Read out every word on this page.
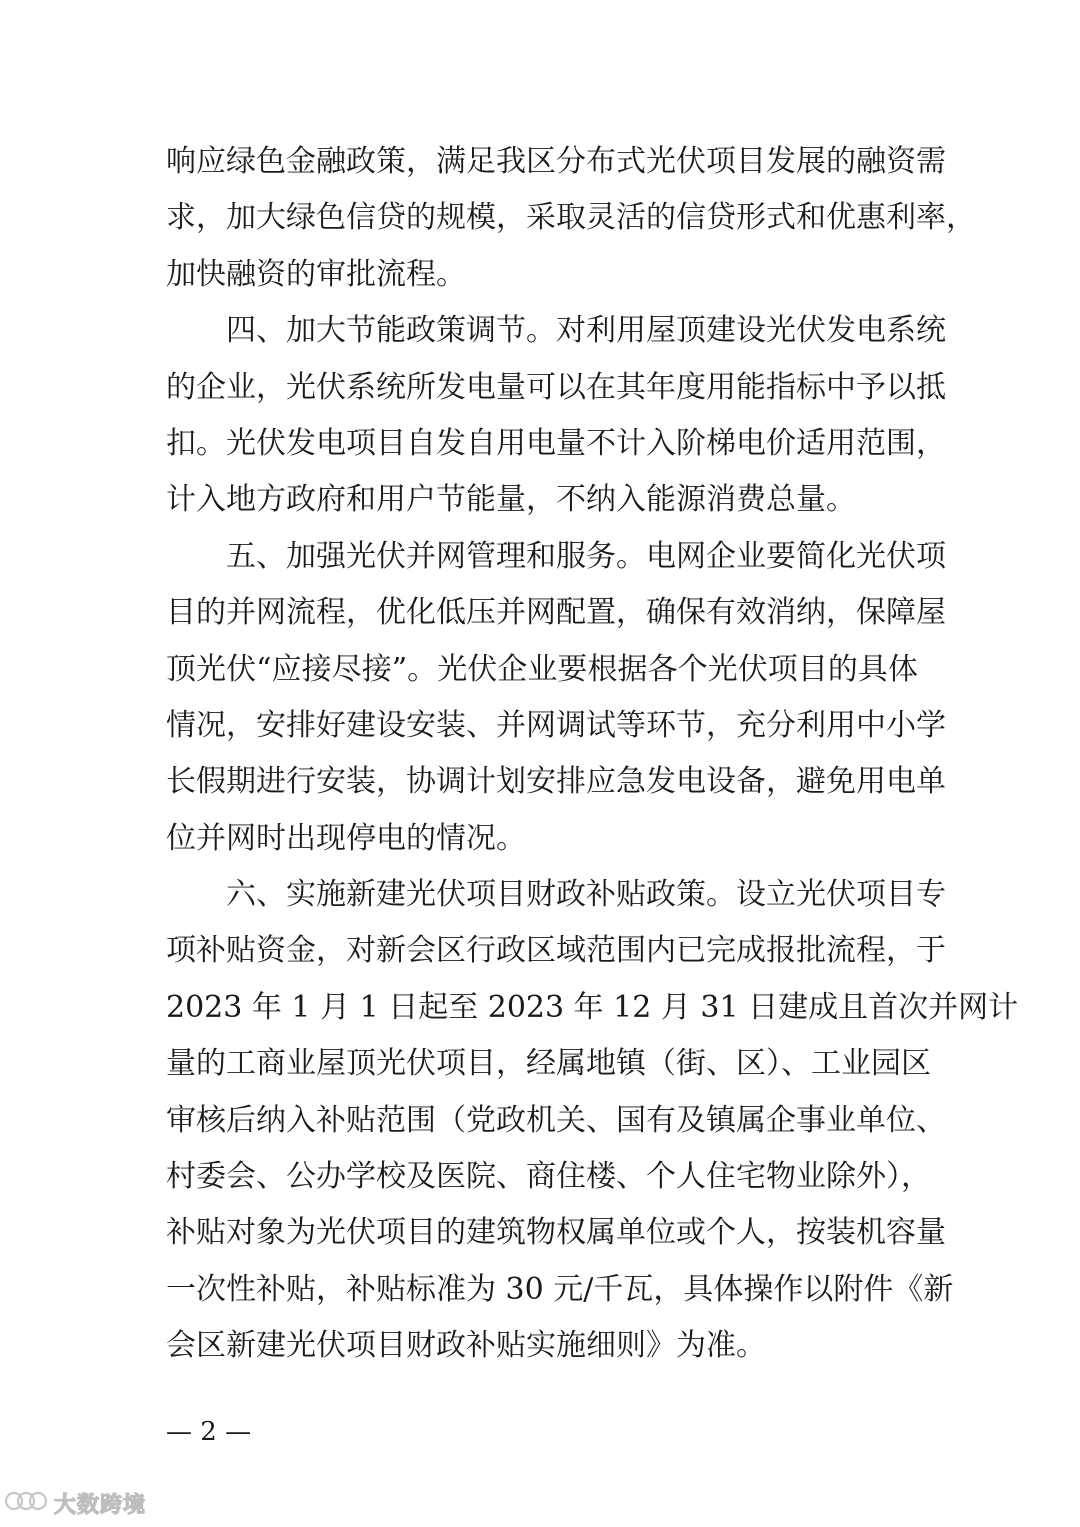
响应绿色金融政策，满足我区分布式光伏项目发展的融资需
求，加大绿色信贷的规模，采取灵活的信贷形式和优惠利率，
加快融资的审批流程。
四、加大节能政策调节。对利用屋顶建设光伏发电系统
的企业，光伏系统所发电量可以在其年度用能指标中予以抵
扣。光伏发电项目自发自用电量不计入阶梯电价适用范围，
计入地方政府和用户节能量，不纳入能源消费总量。
五、加强光伏并网管理和服务。电网企业要简化光伏项
目的并网流程，优化低压并网配置，确保有效消纳，保障屋
顶光伏“应接尽接”。光伏企业要根据各个光伏项目的具体
情况，安排好建设安装、并网调试等环节，充分利用中小学
长假期进行安装，协调计划安排应急发电设备，避免用电单
位并网时出现停电的情况。
六、实施新建光伏项目财政补贴政策。设立光伏项目专
项补贴资金，对新会区行政区域范围内已完成报批流程，于
2023 年 1 月 1 日起至 2023 年 12 月 31 日建成且首次并网计
量的工商业屋顶光伏项目，经属地镇（街、区）、工业园区
审核后纳入补贴范围（党政机关、国有及镇属企事业单位、
村委会、公办学校及医院、商住楼、个人住宅物业除外），
补贴对象为光伏项目的建筑物权属单位或个人，按装机容量
一次性补贴，补贴标准为 30 元/千瓦，具体操作以附件《新
会区新建光伏项目财政补贴实施细则》为准。
— 2 —
大数跨境
